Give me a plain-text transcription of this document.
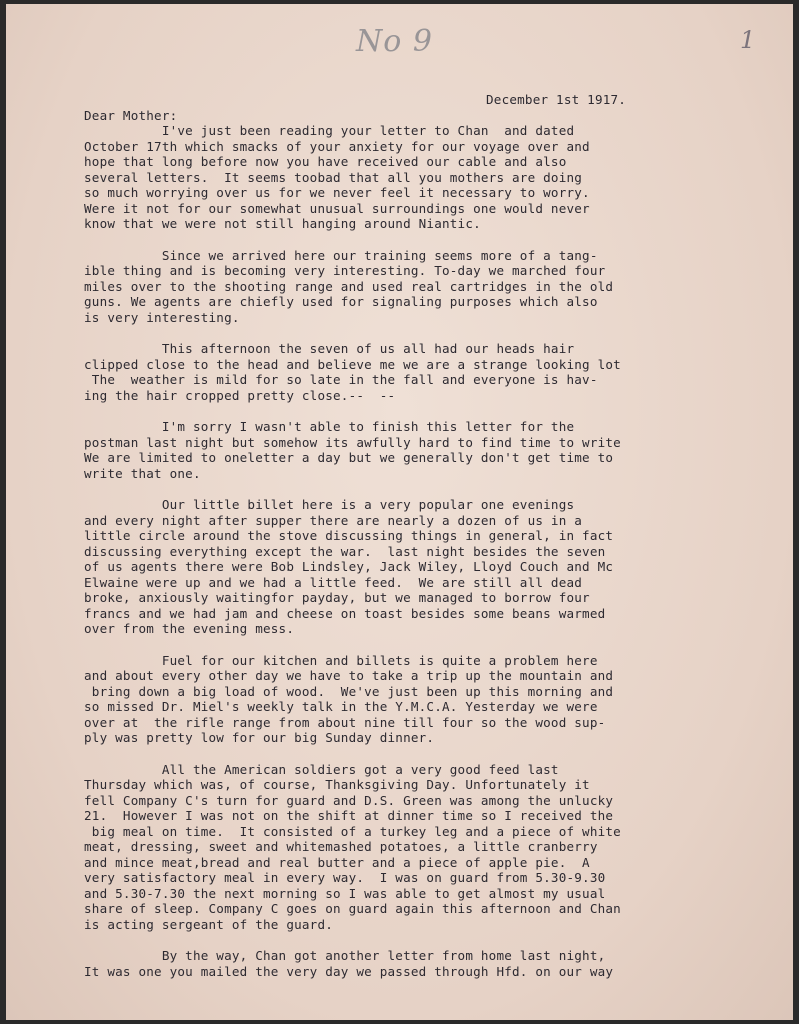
No 9	1
December 1st 1917.
Dear Mother:
I've just been reading your letter to Chan  and dated
October 17th which smacks of your anxiety for our voyage over and
hope that long before now you have received our cable and also
several letters.  It seems toobad that all you mothers are doing
so much worrying over us for we never feel it necessary to worry.
Were it not for our somewhat unusual surroundings one would never
know that we were not still hanging around Niantic.
Since we arrived here our training seems more of a tang-
ible thing and is becoming very interesting. To-day we marched four
miles over to the shooting range and used real cartridges in the old
guns. We agents are chiefly used for signaling purposes which also
is very interesting.
This afternoon the seven of us all had our heads hair
clipped close to the head and believe me we are a strange looking lot
The  weather is mild for so late in the fall and everyone is hav-
ing the hair cropped pretty close.--  --
I'm sorry I wasn't able to finish this letter for the
postman last night but somehow its awfully hard to find time to write
We are limited to oneletter a day but we generally don't get time to
write that one.
Our little billet here is a very popular one evenings
and every night after supper there are nearly a dozen of us in a
little circle around the stove discussing things in general, in fact
discussing everything except the war.  last night besides the seven
of us agents there were Bob Lindsley, Jack Wiley, Lloyd Couch and Mc
Elwaine were up and we had a little feed.  We are still all dead
broke, anxiously waitingfor payday, but we managed to borrow four
francs and we had jam and cheese on toast besides some beans warmed
over from the evening mess.
Fuel for our kitchen and billets is quite a problem here
and about every other day we have to take a trip up the mountain and
bring down a big load of wood.  We've just been up this morning and
so missed Dr. Miel's weekly talk in the Y.M.C.A. Yesterday we were
over at  the rifle range from about nine till four so the wood sup-
ply was pretty low for our big Sunday dinner.
All the American soldiers got a very good feed last
Thursday which was, of course, Thanksgiving Day. Unfortunately it
fell Company C's turn for guard and D.S. Green was among the unlucky
21.  However I was not on the shift at dinner time so I received the
big meal on time.  It consisted of a turkey leg and a piece of white
meat, dressing, sweet and whitemashed potatoes, a little cranberry
and mince meat,bread and real butter and a piece of apple pie.  A
very satisfactory meal in every way.  I was on guard from 5.30-9.30
and 5.30-7.30 the next morning so I was able to get almost my usual
share of sleep. Company C goes on guard again this afternoon and Chan
is acting sergeant of the guard.
By the way, Chan got another letter from home last night,
It was one you mailed the very day we passed through Hfd. on our way
